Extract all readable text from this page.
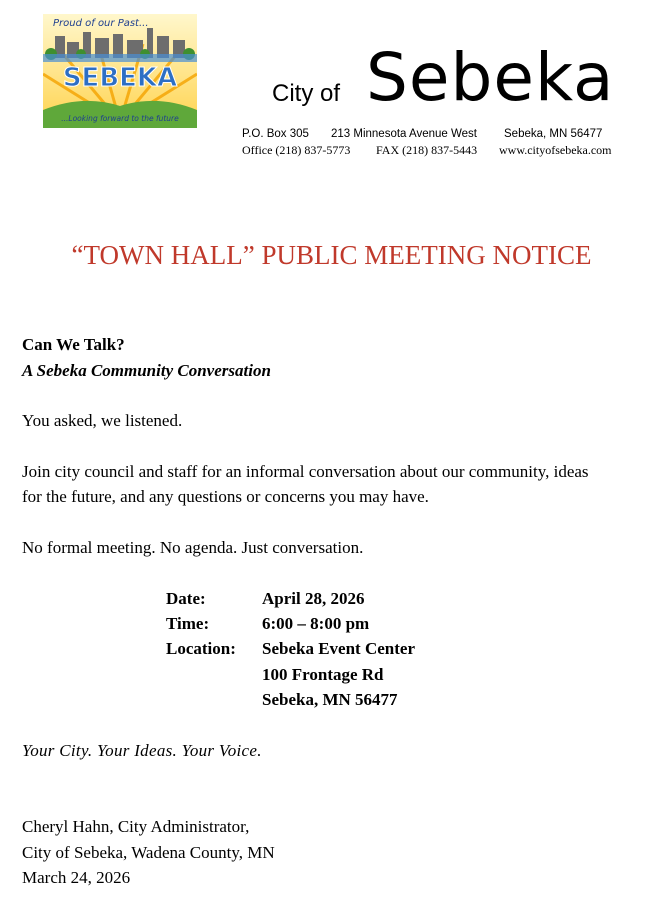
Proud of our Past...
SEBEKA
...Looking forward to the future
City of Sebeka
P.O. Box 305 213 Minnesota Avenue West Sebeka, MN 56477
Office (218) 837-5773 FAX (218) 837-5443 www.cityofsebeka.com
“TOWN HALL” PUBLIC MEETING NOTICE
Can We Talk?
A Sebeka Community Conversation
You asked, we listened.
Join city council and staff for an informal conversation about our community, ideas
for the future, and any questions or concerns you may have.
No formal meeting. No agenda. Just conversation.
Date:	April 28, 2026
Time:	6:00 – 8:00 pm
Location: Sebeka Event Center
100 Frontage Rd
Sebeka, MN 56477
Your City. Your Ideas. Your Voice.
Cheryl Hahn, City Administrator,
City of Sebeka, Wadena County, MN
March 24, 2026
